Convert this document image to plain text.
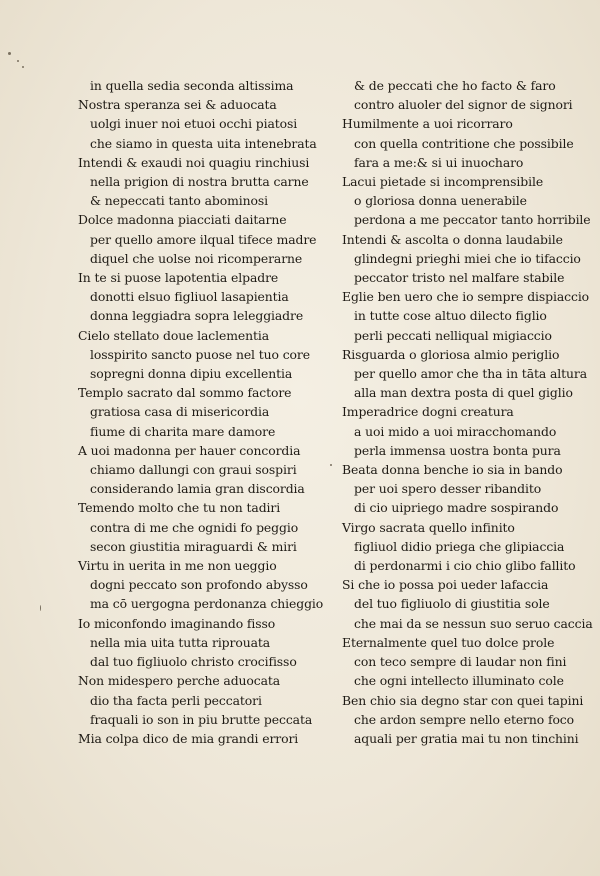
in quella sedia seconda altissima
Nostra speranza sei & aduocata
uolgi inuer noi etuoi occhi piatosi
che siamo in questa uita intenebrata
Intendi & exaudi noi quagiu rinchiusi
nella prigion di nostra brutta carne
& nepeccati tanto abominosi
Dolce madonna piacciati daitarne
per quello amore ilqual tifece madre
diquel che uolse noi ricomperarne
In te si puose lapotentia elpadre
donotti elsuo figliuol lasapientia
donna leggiadra sopra leleggiadre
Cielo stellato doue laclementia
losspirito sancto puose nel tuo core
sopregni donna dipiu excellentia
Templo sacrato dal sommo factore
gratiosa casa di misericordia
fiume di charita mare damore
A uoi madonna per hauer concordia
chiamo dallungi con graui sospiri
considerando lamia gran discordia
Temendo molto che tu non tadiri
contra di me che ognidi fo peggio
secon giustitia miraguardi & miri
Virtu in uerita in me non ueggio
dogni peccato son profondo abysso
ma cō uergogna perdonanza chieggio
Io miconfondo imaginando fisso
nella mia uita tutta riprouata
dal tuo figliuolo christo crocifisso
Non midespero perche aduocata
dio tha facta perli peccatori
fraquali io son in piu brutte peccata
Mia colpa dico de mia grandi errori
& de peccati che ho facto & faro
contro aluoler del signor de signori
Humilmente a uoi ricorraro
con quella contritione che possibile
fara a me:& si ui inuocharo
Lacui pietade si incomprensibile
o gloriosa donna uenerabile
perdona a me peccator tanto horribile
Intendi & ascolta o donna laudabile
glindegni prieghi miei che io tifaccio
peccator tristo nel malfare stabile
Eglie ben uero che io sempre dispiaccio
in tutte cose altuo dilecto figlio
perli peccati nelliqual migiaccio
Risguarda o gloriosa almio periglio
per quello amor che tha in tāta altura
alla man dextra posta di quel giglio
Imperadrice dogni creatura
a uoi mido a uoi miracchomando
perla immensa uostra bonta pura
Beata donna benche io sia in bando
per uoi spero desser ribandito
di cio uipriego madre sospirando
Virgo sacrata quello infinito
figliuol didio priega che glipiaccia
di perdonarmi i cio chio glibo fallito
Si che io possa poi ueder lafaccia
del tuo figliuolo di giustitia sole
che mai da se nessun suo seruo caccia
Eternalmente quel tuo dolce prole
con teco sempre di laudar non fini
che ogni intellecto illuminato cole
Ben chio sia degno star con quei tapini
che ardon sempre nello eterno foco
aquali per gratia mai tu non tinchini
